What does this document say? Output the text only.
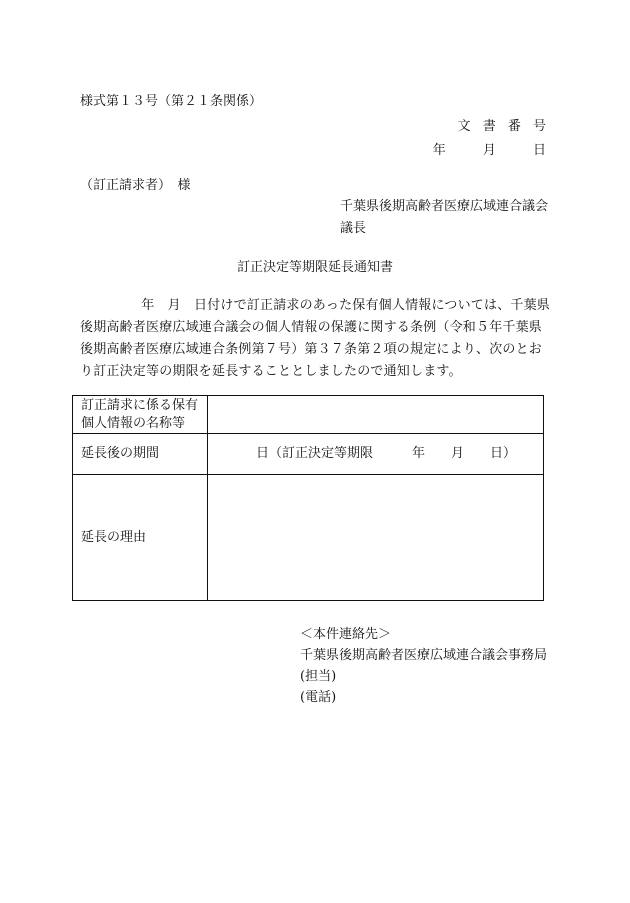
様式第１３号（第２１条関係）
文 書 番 号
年　 月　 日
（訂正請求者）　様
千葉県後期高齢者医療広域連合議会
議長
訂正決定等期限延長通知書

　年　月　日付けで訂正請求のあった保有個人情報については、千葉県後期高齢者医療広域連合議会の個人情報の保護に関する条例（令和５年千葉県後期高齢者医療広域連合条例第７号）第３７条第２項の規定により、次のとおり訂正決定等の期限を延長することとしましたので通知します。

訂正請求に係る保有個人情報の名称等	
延長後の期間	日（訂正決定等期限　　　年　　月　　日）
延長の理由	
＜本件連絡先＞
千葉県後期高齢者医療広域連合議会事務局
(担当)
(電話)
